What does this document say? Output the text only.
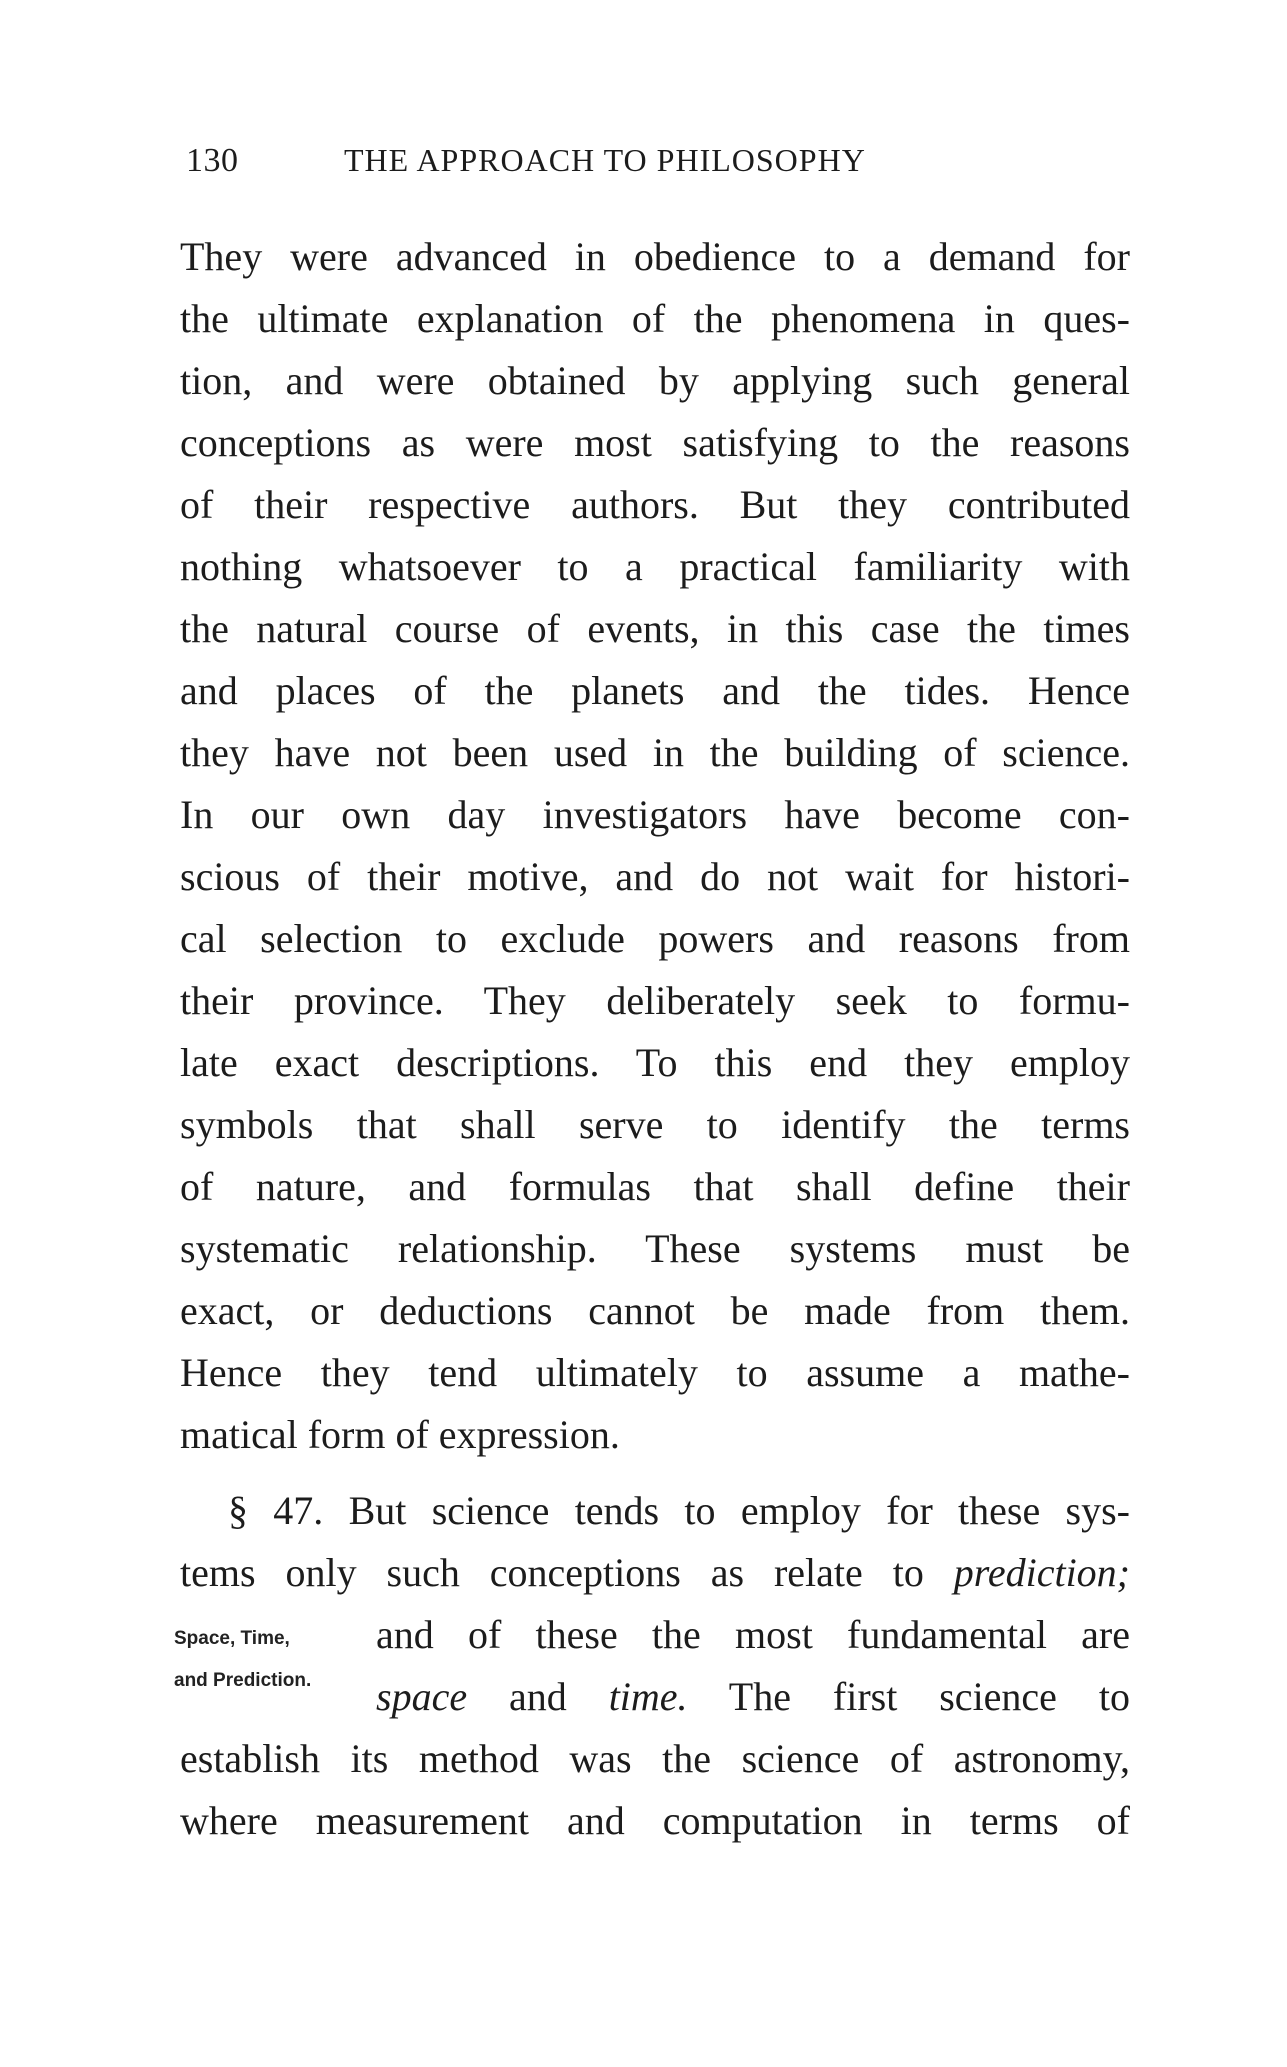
130	THE APPROACH TO PHILOSOPHY
They were advanced in obedience to a demand for
the ultimate explanation of the phenomena in ques-
tion, and were obtained by applying such general
conceptions as were most satisfying to the reasons
of their respective authors. But they contributed
nothing whatsoever to a practical familiarity with
the natural course of events, in this case the times
and places of the planets and the tides. Hence
they have not been used in the building of science.
In our own day investigators have become con-
scious of their motive, and do not wait for histori-
cal selection to exclude powers and reasons from
their province. They deliberately seek to formu-
late exact descriptions. To this end they employ
symbols that shall serve to identify the terms
of nature, and formulas that shall define their
systematic relationship. These systems must be
exact, or deductions cannot be made from them.
Hence they tend ultimately to assume a mathe-
matical form of expression.
§ 47. But science tends to employ for these sys-
tems only such conceptions as relate to prediction;
Space, Time,
and Prediction.
and of these the most fundamental are
space and time. The first science to
establish its method was the science of astronomy,
where measurement and computation in terms of
